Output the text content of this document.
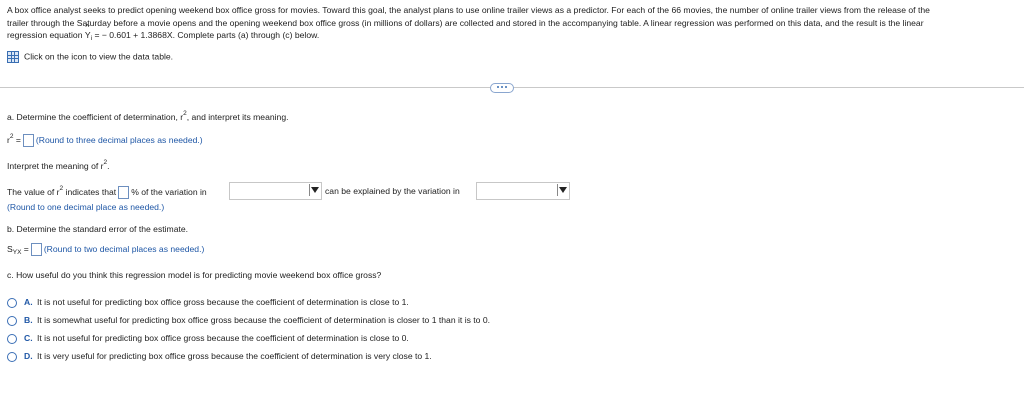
A box office analyst seeks to predict opening weekend box office gross for movies. Toward this goal, the analyst plans to use online trailer views as a predictor. For each of the 66 movies, the number of online trailer views from the release of the
trailer through the Saturday before a movie opens and the opening weekend box office gross (in millions of dollars) are collected and stored in the accompanying table. A linear regression was performed on this data, and the result is the linear
regression equation ^ $Y_i$ = − 0.601 + 1.3868X. Complete parts (a) through (c) below.
Click on the icon to view the data table.
a. Determine the coefficient of determination, $r^2$, and interpret its meaning.
$r^2$ = (Round to three decimal places as needed.)
Interpret the meaning of $r^2$.
The value of $r^2$ indicates that % of the variation in	can be explained by the variation in
(Round to one decimal place as needed.)
b. Determine the standard error of the estimate.
$S_{YX}$ = (Round to two decimal places as needed.)
c. How useful do you think this regression model is for predicting movie weekend box office gross?
A. It is not useful for predicting box office gross because the coefficient of determination is close to 1.
B. It is somewhat useful for predicting box office gross because the coefficient of determination is closer to 1 than it is to 0.
C. It is not useful for predicting box office gross because the coefficient of determination is close to 0.
D. It is very useful for predicting box office gross because the coefficient of determination is very close to 1.
